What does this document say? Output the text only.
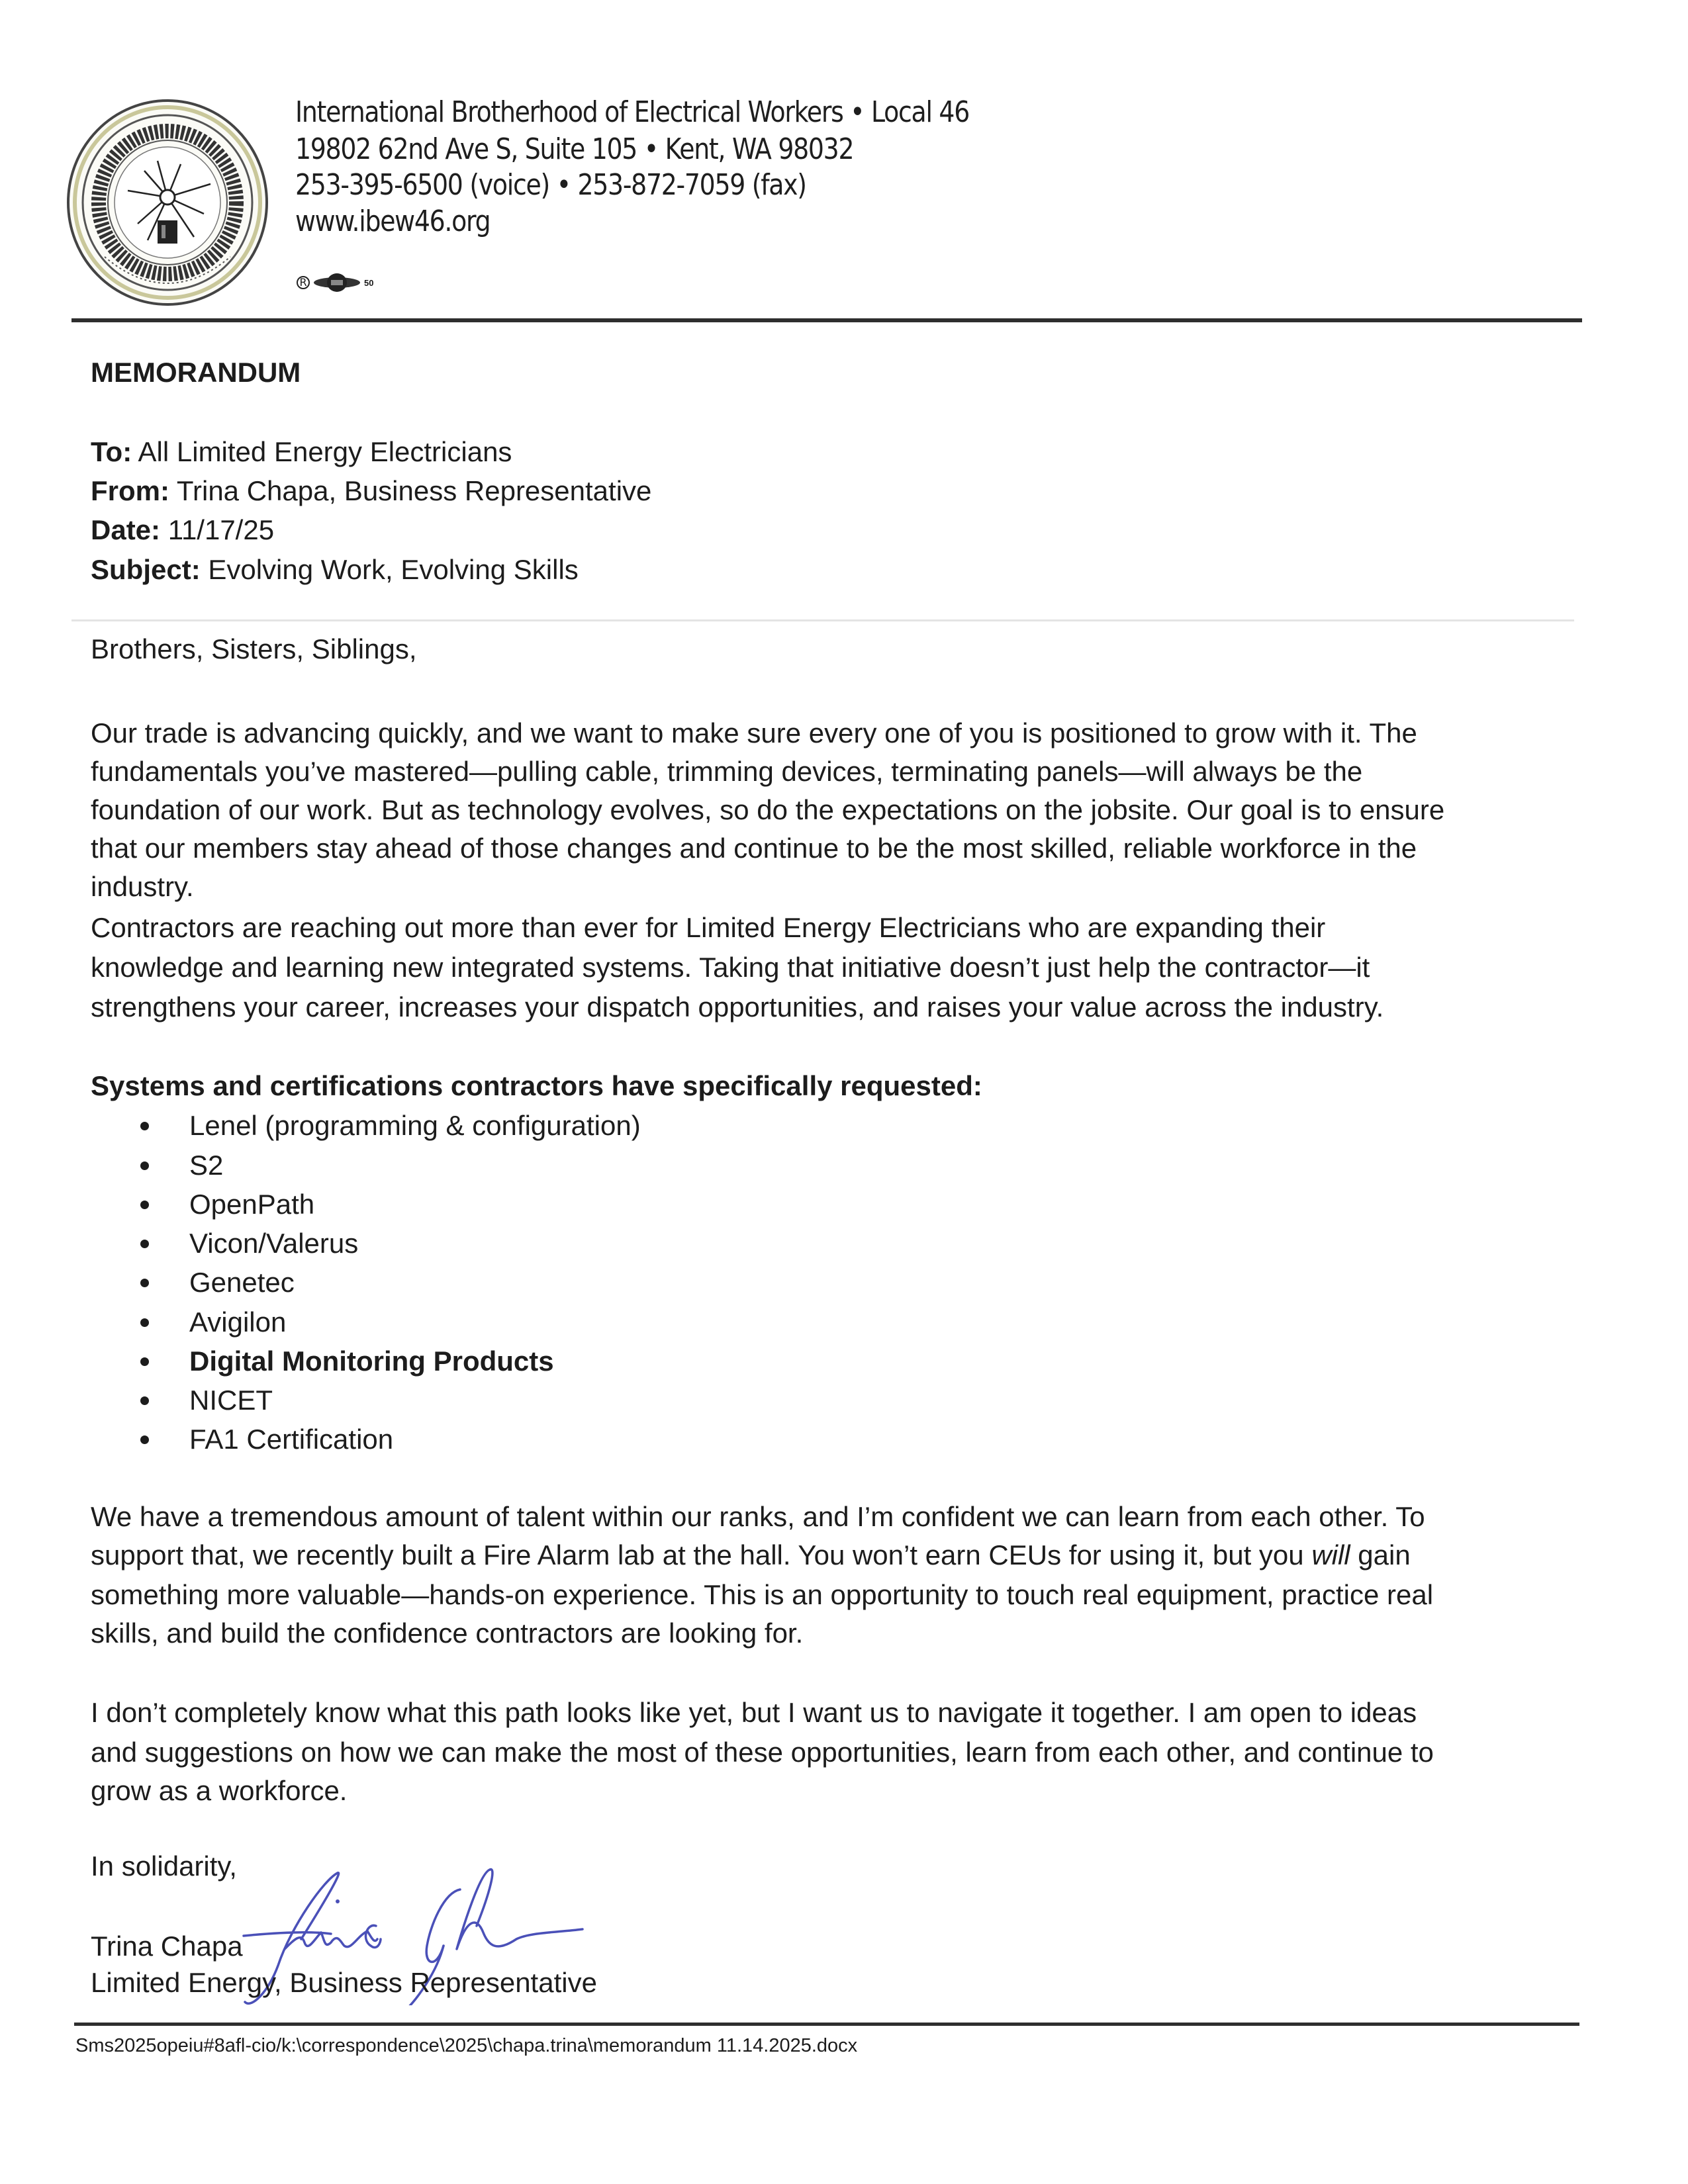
International Brotherhood of Electrical Workers • Local 46
19802 62nd Ave S, Suite 105 • Kent, WA 98032
253-395-6500 (voice) • 253-872-7059 (fax)
www.ibew46.org
R	50
MEMORANDUM
To: All Limited Energy Electricians
From: Trina Chapa, Business Representative
Date: 11/17/25
Subject: Evolving Work, Evolving Skills
Brothers, Sisters, Siblings,
Our trade is advancing quickly, and we want to make sure every one of you is positioned to grow with it. The
fundamentals you’ve mastered—pulling cable, trimming devices, terminating panels—will always be the
foundation of our work. But as technology evolves, so do the expectations on the jobsite. Our goal is to ensure
that our members stay ahead of those changes and continue to be the most skilled, reliable workforce in the
industry.
Contractors are reaching out more than ever for Limited Energy Electricians who are expanding their
knowledge and learning new integrated systems. Taking that initiative doesn’t just help the contractor—it
strengthens your career, increases your dispatch opportunities, and raises your value across the industry.
Systems and certifications contractors have specifically requested:
Lenel (programming & configuration)
S2
OpenPath
Vicon/Valerus
Genetec
Avigilon
Digital Monitoring Products
NICET
FA1 Certification
We have a tremendous amount of talent within our ranks, and I’m confident we can learn from each other. To
support that, we recently built a Fire Alarm lab at the hall. You won’t earn CEUs for using it, but you will gain
something more valuable—hands-on experience. This is an opportunity to touch real equipment, practice real
skills, and build the confidence contractors are looking for.
I don’t completely know what this path looks like yet, but I want us to navigate it together. I am open to ideas
and suggestions on how we can make the most of these opportunities, learn from each other, and continue to
grow as a workforce.
In solidarity,
Trina Chapa
Limited Energy, Business Representative
Sms2025opeiu#8afl-cio/k:\correspondence\2025\chapa.trina\memorandum 11.14.2025.docx
